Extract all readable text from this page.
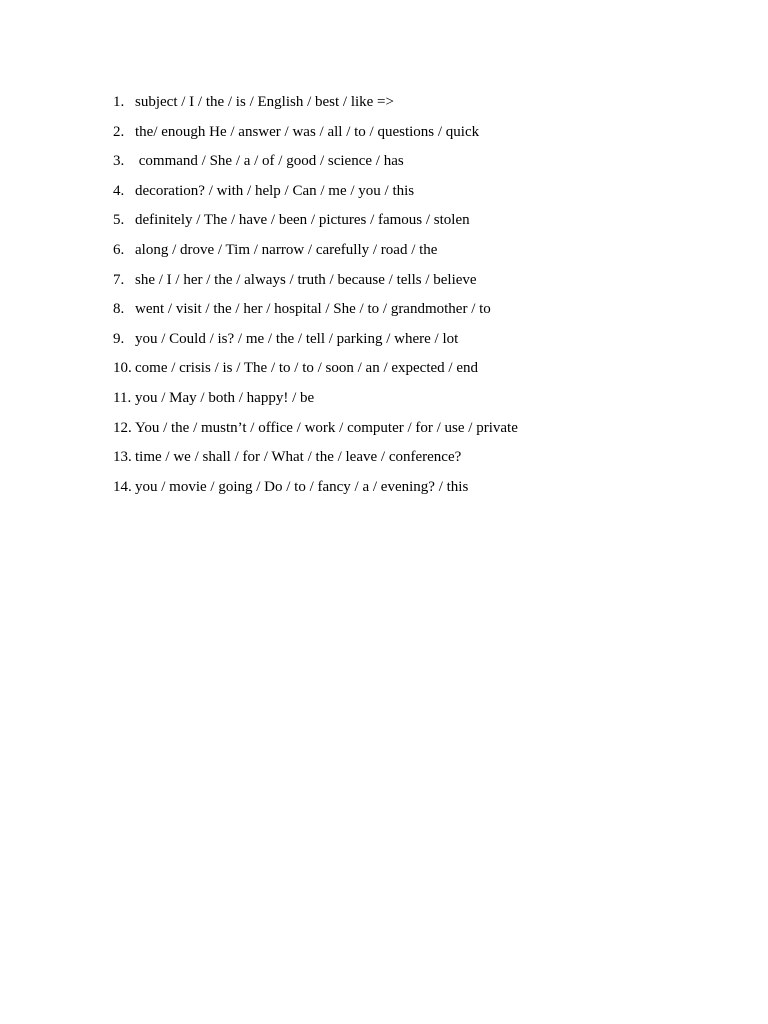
1. subject / I / the / is / English / best / like =>
2. the/ enough He / answer / was / all / to / questions / quick
3. command / She / a / of / good / science / has
4. decoration? / with / help / Can / me / you / this
5. definitely / The / have / been / pictures / famous / stolen
6. along / drove / Tim / narrow / carefully / road / the
7. she / I / her / the / always / truth / because / tells / believe
8. went / visit / the / her / hospital / She / to / grandmother / to
9. you / Could / is? / me / the / tell / parking / where / lot
10. come / crisis / is / The / to / to / soon / an / expected / end
11. you / May / both / happy! / be
12. You / the / mustn’t / office / work / computer / for / use / private
13. time / we / shall / for / What / the / leave / conference?
14. you / movie / going / Do / to / fancy / a / evening? / this
